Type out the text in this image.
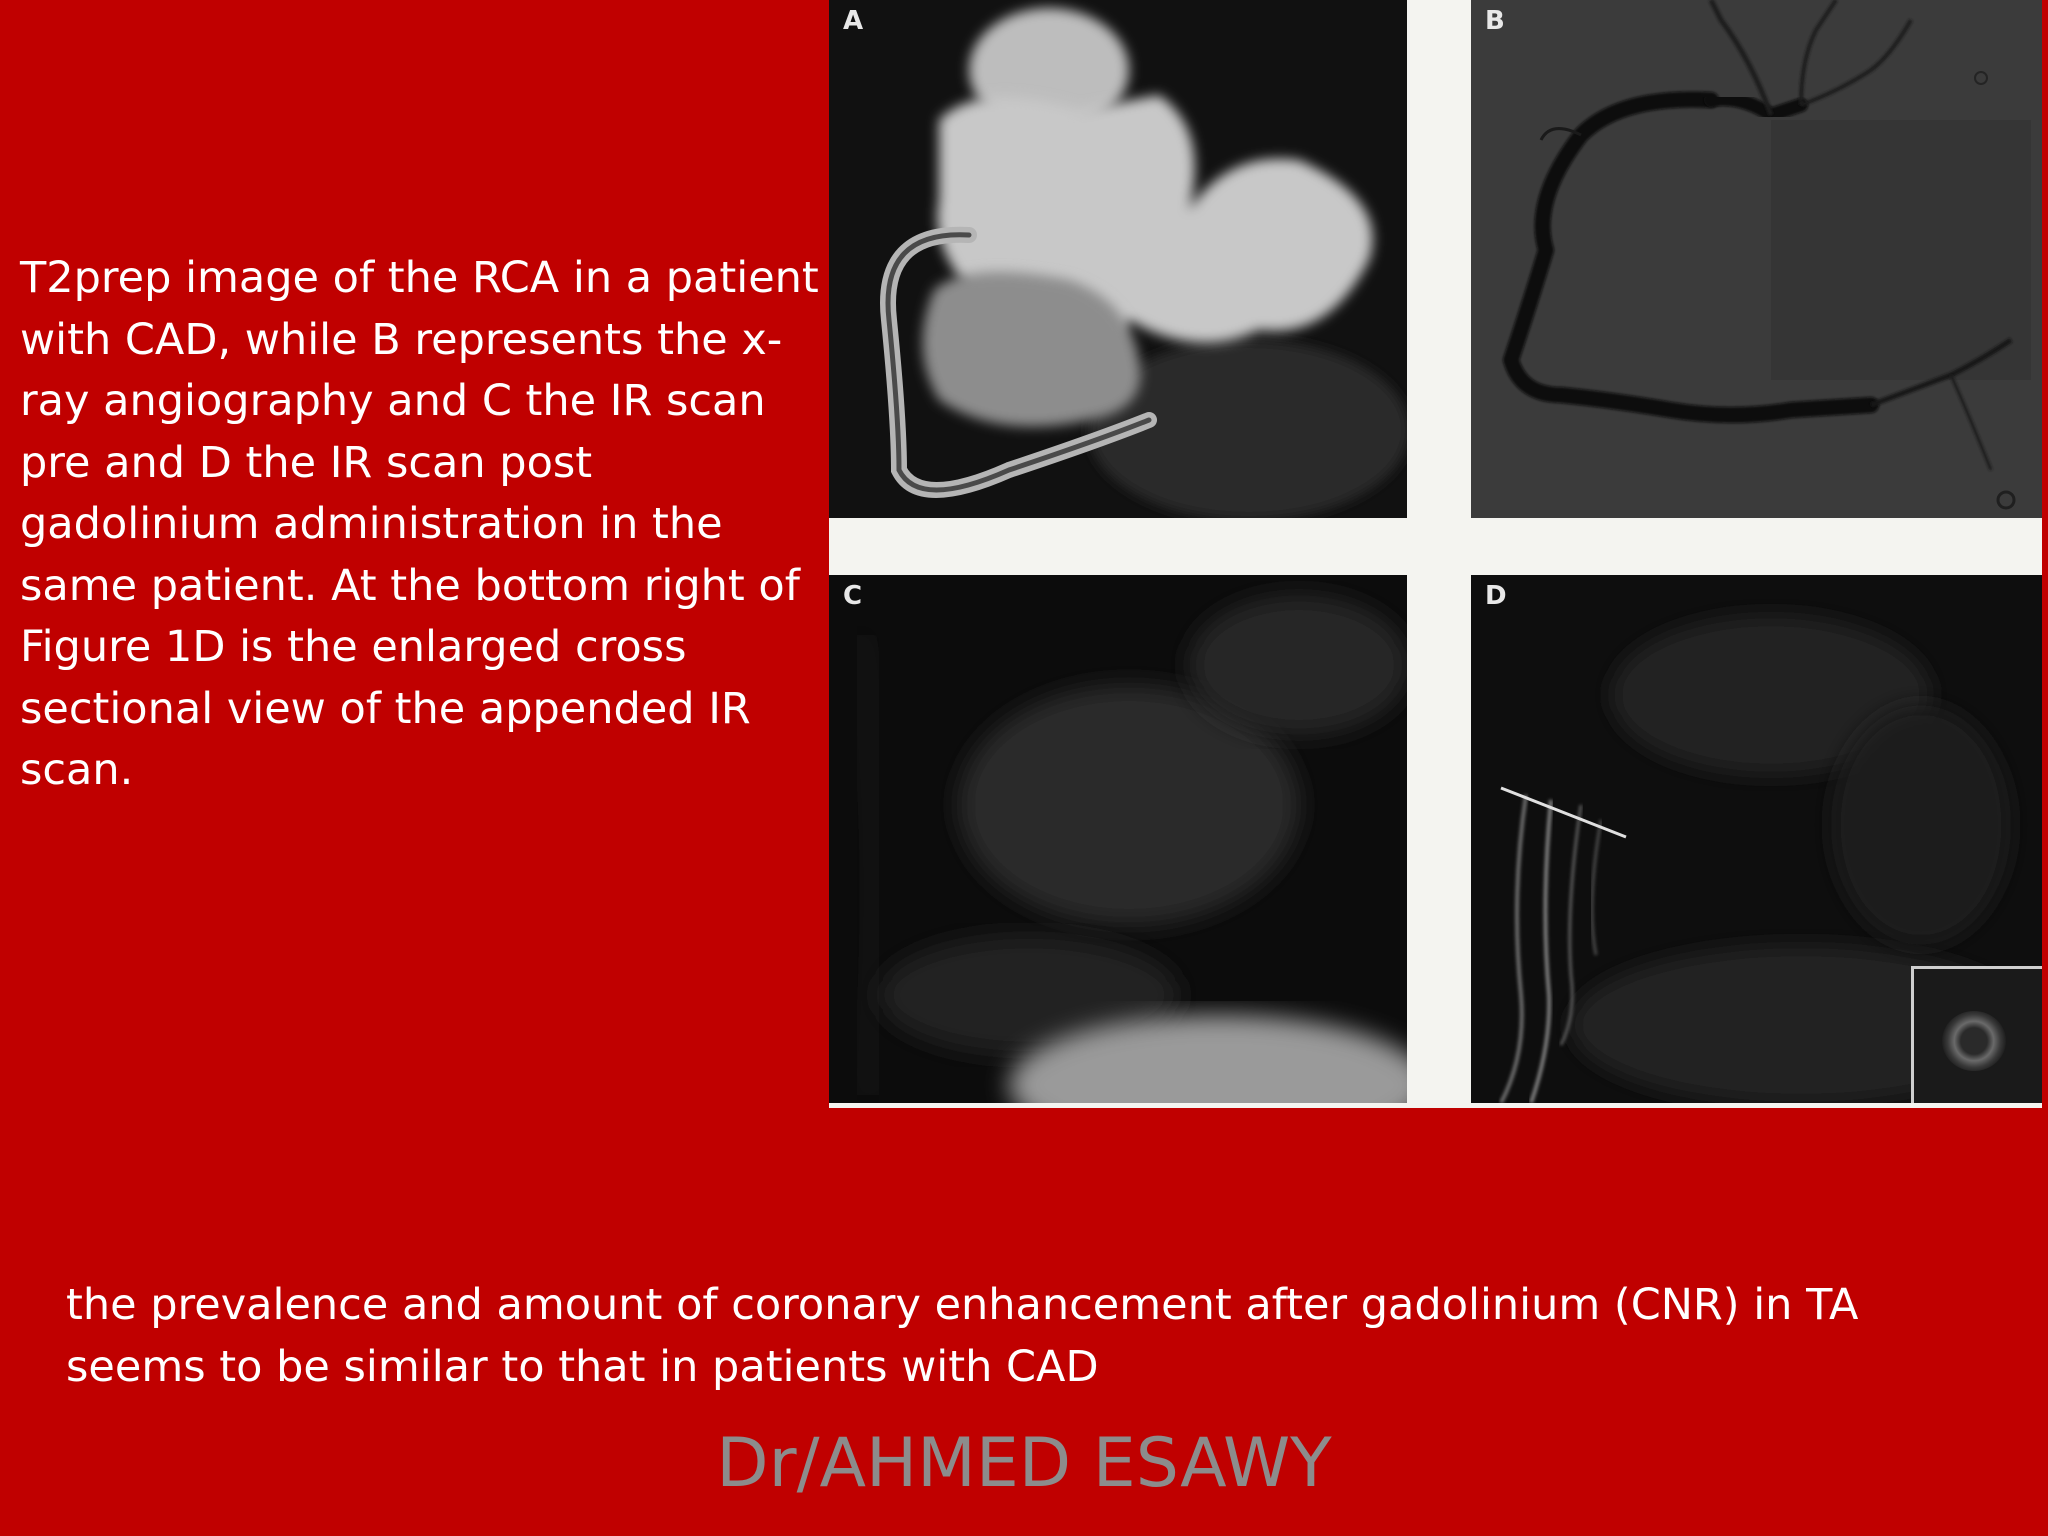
T2prep image of the RCA in a patient with CAD, while B represents the x-ray angiography and C the IR scan pre and D the IR scan post gadolinium administration in the same patient. At the bottom right of Figure 1D is the enlarged cross sectional view of the appended IR scan.

A	B
C	D

the prevalence and amount of coronary enhancement after gadolinium (CNR) in TA seems to be similar to that in patients with CAD

Dr/AHMED ESAWY
